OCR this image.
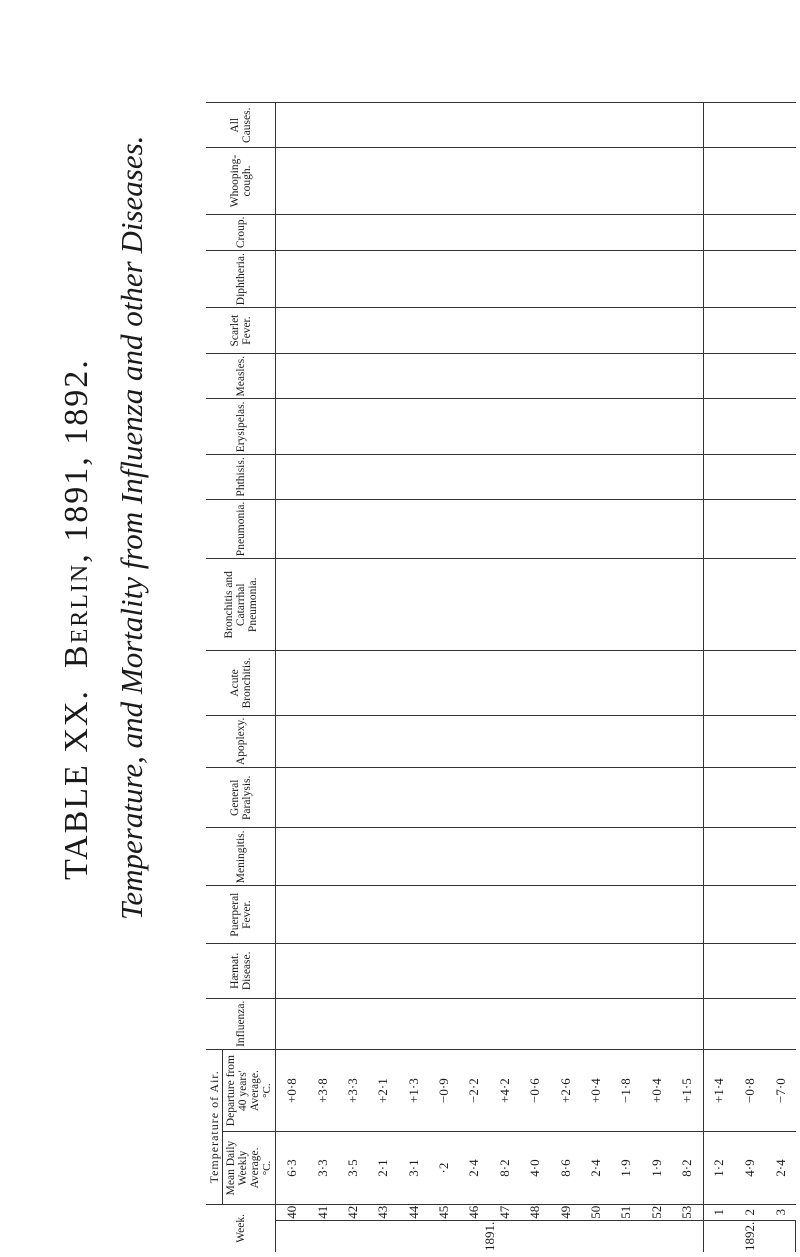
TABLE XX.  Berlin, 1891, 1892. Temperature, and Mortality from Influenza and other Diseases.
Week.		Temperature of Air.		Influenza.	Hæmat. Disease.	Puerperal Fever.	Meningitis.	General Paralysis.	Apoplexy.	Acute Bronchitis.	Bronchitis and Catarrhal Pneumonia.	Pneumonia.	Phthisis.	Erysipelas.	Measles.	Scarlet Fever.	Diphtheria.	Croup.	Whooping-cough.	All Causes.
		Mean Daily Weekly Average.
°C.	Departure from 40 years' Average.
°C.																	
1891.	40	6·3	+0·8																	
	41	3·3	+3·8																	
	42	3·5	+3·3																	
	43	2·1	+2·1																	
	44	3·1	+1·3																	
	45	·2	−0·9																	
	46	2·4	−2·2																	
	47	8·2	+4·2																	
	48	4·0	−0·6																	
	49	8·6	+2·6																	
	50	2·4	+0·4																	
	51	1·9	−1·8																	
	52	1·9	+0·4																	
	53	8·2	+1·5																	
1892.	1	1·2	+1·4																	
	2	4·9	−0·8																	
	3	2·4	−7·0																	
